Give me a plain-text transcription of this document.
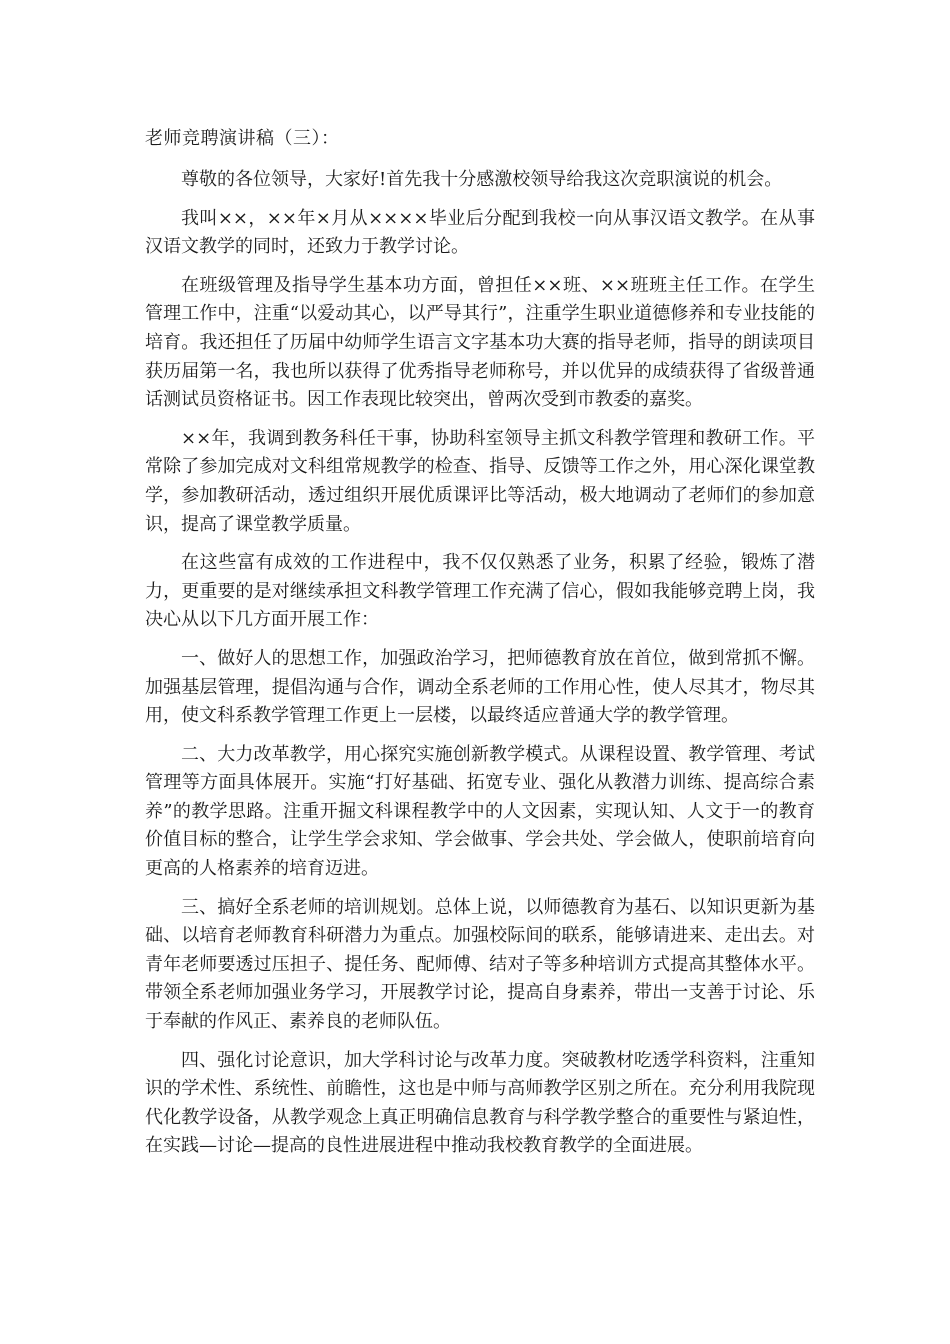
老师竞聘演讲稿（三）：

尊敬的各位领导，大家好!首先我十分感激校领导给我这次竞职演说的机会。

我叫××，××年×月从××××毕业后分配到我校一向从事汉语文教学。在从事汉语文教学的同时，还致力于教学讨论。

在班级管理及指导学生基本功方面，曾担任××班、××班班主任工作。在学生管理工作中，注重“以爱动其心，以严导其行”，注重学生职业道德修养和专业技能的培育。我还担任了历届中幼师学生语言文字基本功大赛的指导老师，指导的朗读项目获历届第一名，我也所以获得了优秀指导老师称号，并以优异的成绩获得了省级普通话测试员资格证书。因工作表现比较突出，曾两次受到市教委的嘉奖。

××年，我调到教务科任干事，协助科室领导主抓文科教学管理和教研工作。平常除了参加完成对文科组常规教学的检查、指导、反馈等工作之外，用心深化课堂教学，参加教研活动，透过组织开展优质课评比等活动，极大地调动了老师们的参加意识，提高了课堂教学质量。

在这些富有成效的工作进程中，我不仅仅熟悉了业务，积累了经验，锻炼了潜力，更重要的是对继续承担文科教学管理工作充满了信心，假如我能够竞聘上岗，我决心从以下几方面开展工作：

一、做好人的思想工作，加强政治学习，把师德教育放在首位，做到常抓不懈。加强基层管理，提倡沟通与合作，调动全系老师的工作用心性，使人尽其才，物尽其用，使文科系教学管理工作更上一层楼，以最终适应普通大学的教学管理。

二、大力改革教学，用心探究实施创新教学模式。从课程设置、教学管理、考试管理等方面具体展开。实施“打好基础、拓宽专业、强化从教潜力训练、提高综合素养”的教学思路。注重开掘文科课程教学中的人文因素，实现认知、人文于一的教育价值目标的整合，让学生学会求知、学会做事、学会共处、学会做人，使职前培育向更高的人格素养的培育迈进。

三、搞好全系老师的培训规划。总体上说，以师德教育为基石、以知识更新为基础、以培育老师教育科研潜力为重点。加强校际间的联系，能够请进来、走出去。对青年老师要透过压担子、提任务、配师傅、结对子等多种培训方式提高其整体水平。带领全系老师加强业务学习，开展教学讨论，提高自身素养，带出一支善于讨论、乐于奉献的作风正、素养良的老师队伍。

四、强化讨论意识，加大学科讨论与改革力度。突破教材吃透学科资料，注重知识的学术性、系统性、前瞻性，这也是中师与高师教学区别之所在。充分利用我院现代化教学设备，从教学观念上真正明确信息教育与科学教学整合的重要性与紧迫性，在实践—讨论—提高的良性进展进程中推动我校教育教学的全面进展。
